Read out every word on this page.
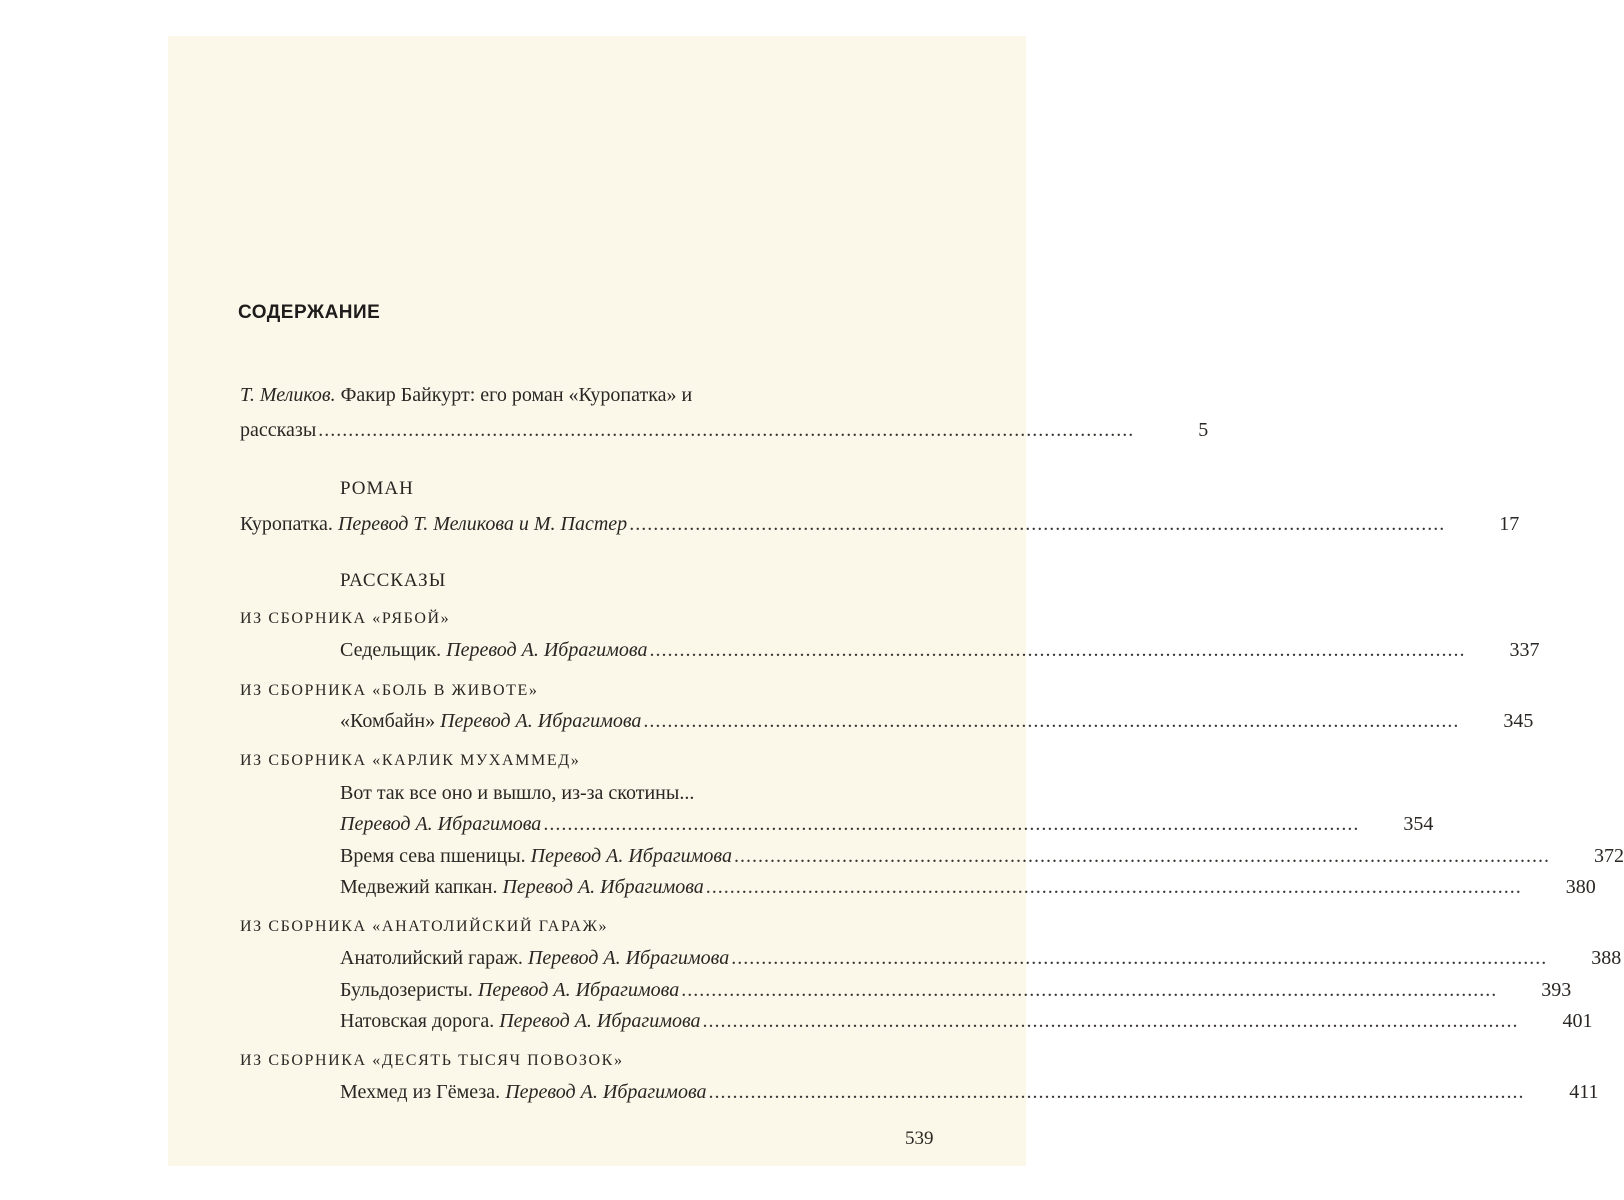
СОДЕРЖАНИЕ
Т. Меликов. Факир Байкурт: его роман «Куропатка» и
рассказы ........................................................................................................................................	5
РОМАН
Куропатка.
Перевод Т. Меликова и М. Пастер ........................................................................................................................................	17
РАССКАЗЫ
ИЗ СБОРНИКА «РЯБОЙ»
Седельщик.
Перевод А. Ибрагимова ........................................................................................................................................	337
ИЗ СБОРНИКА «БОЛЬ В ЖИВОТЕ»
«Комбайн»
Перевод А. Ибрагимова ........................................................................................................................................	345
ИЗ СБОРНИКА «КАРЛИК МУХАММЕД»
Вот так все оно и вышло, из-за скотины...
Перевод А. Ибрагимова ........................................................................................................................................	354
Время сева пшеницы.
Перевод А. Ибрагимова ........................................................................................................................................	372
Медвежий капкан.
Перевод А. Ибрагимова ........................................................................................................................................	380
ИЗ СБОРНИКА «АНАТОЛИЙСКИЙ ГАРАЖ»
Анатолийский гараж.
Перевод А. Ибрагимова ........................................................................................................................................	388
Бульдозеристы.
Перевод А. Ибрагимова ........................................................................................................................................	393
Натовская дорога.
Перевод А. Ибрагимова ........................................................................................................................................	401
ИЗ СБОРНИКА «ДЕСЯТЬ ТЫСЯЧ ПОВОЗОК»
Мехмед из Гёмеза.
Перевод А. Ибрагимова ........................................................................................................................................	411
539
